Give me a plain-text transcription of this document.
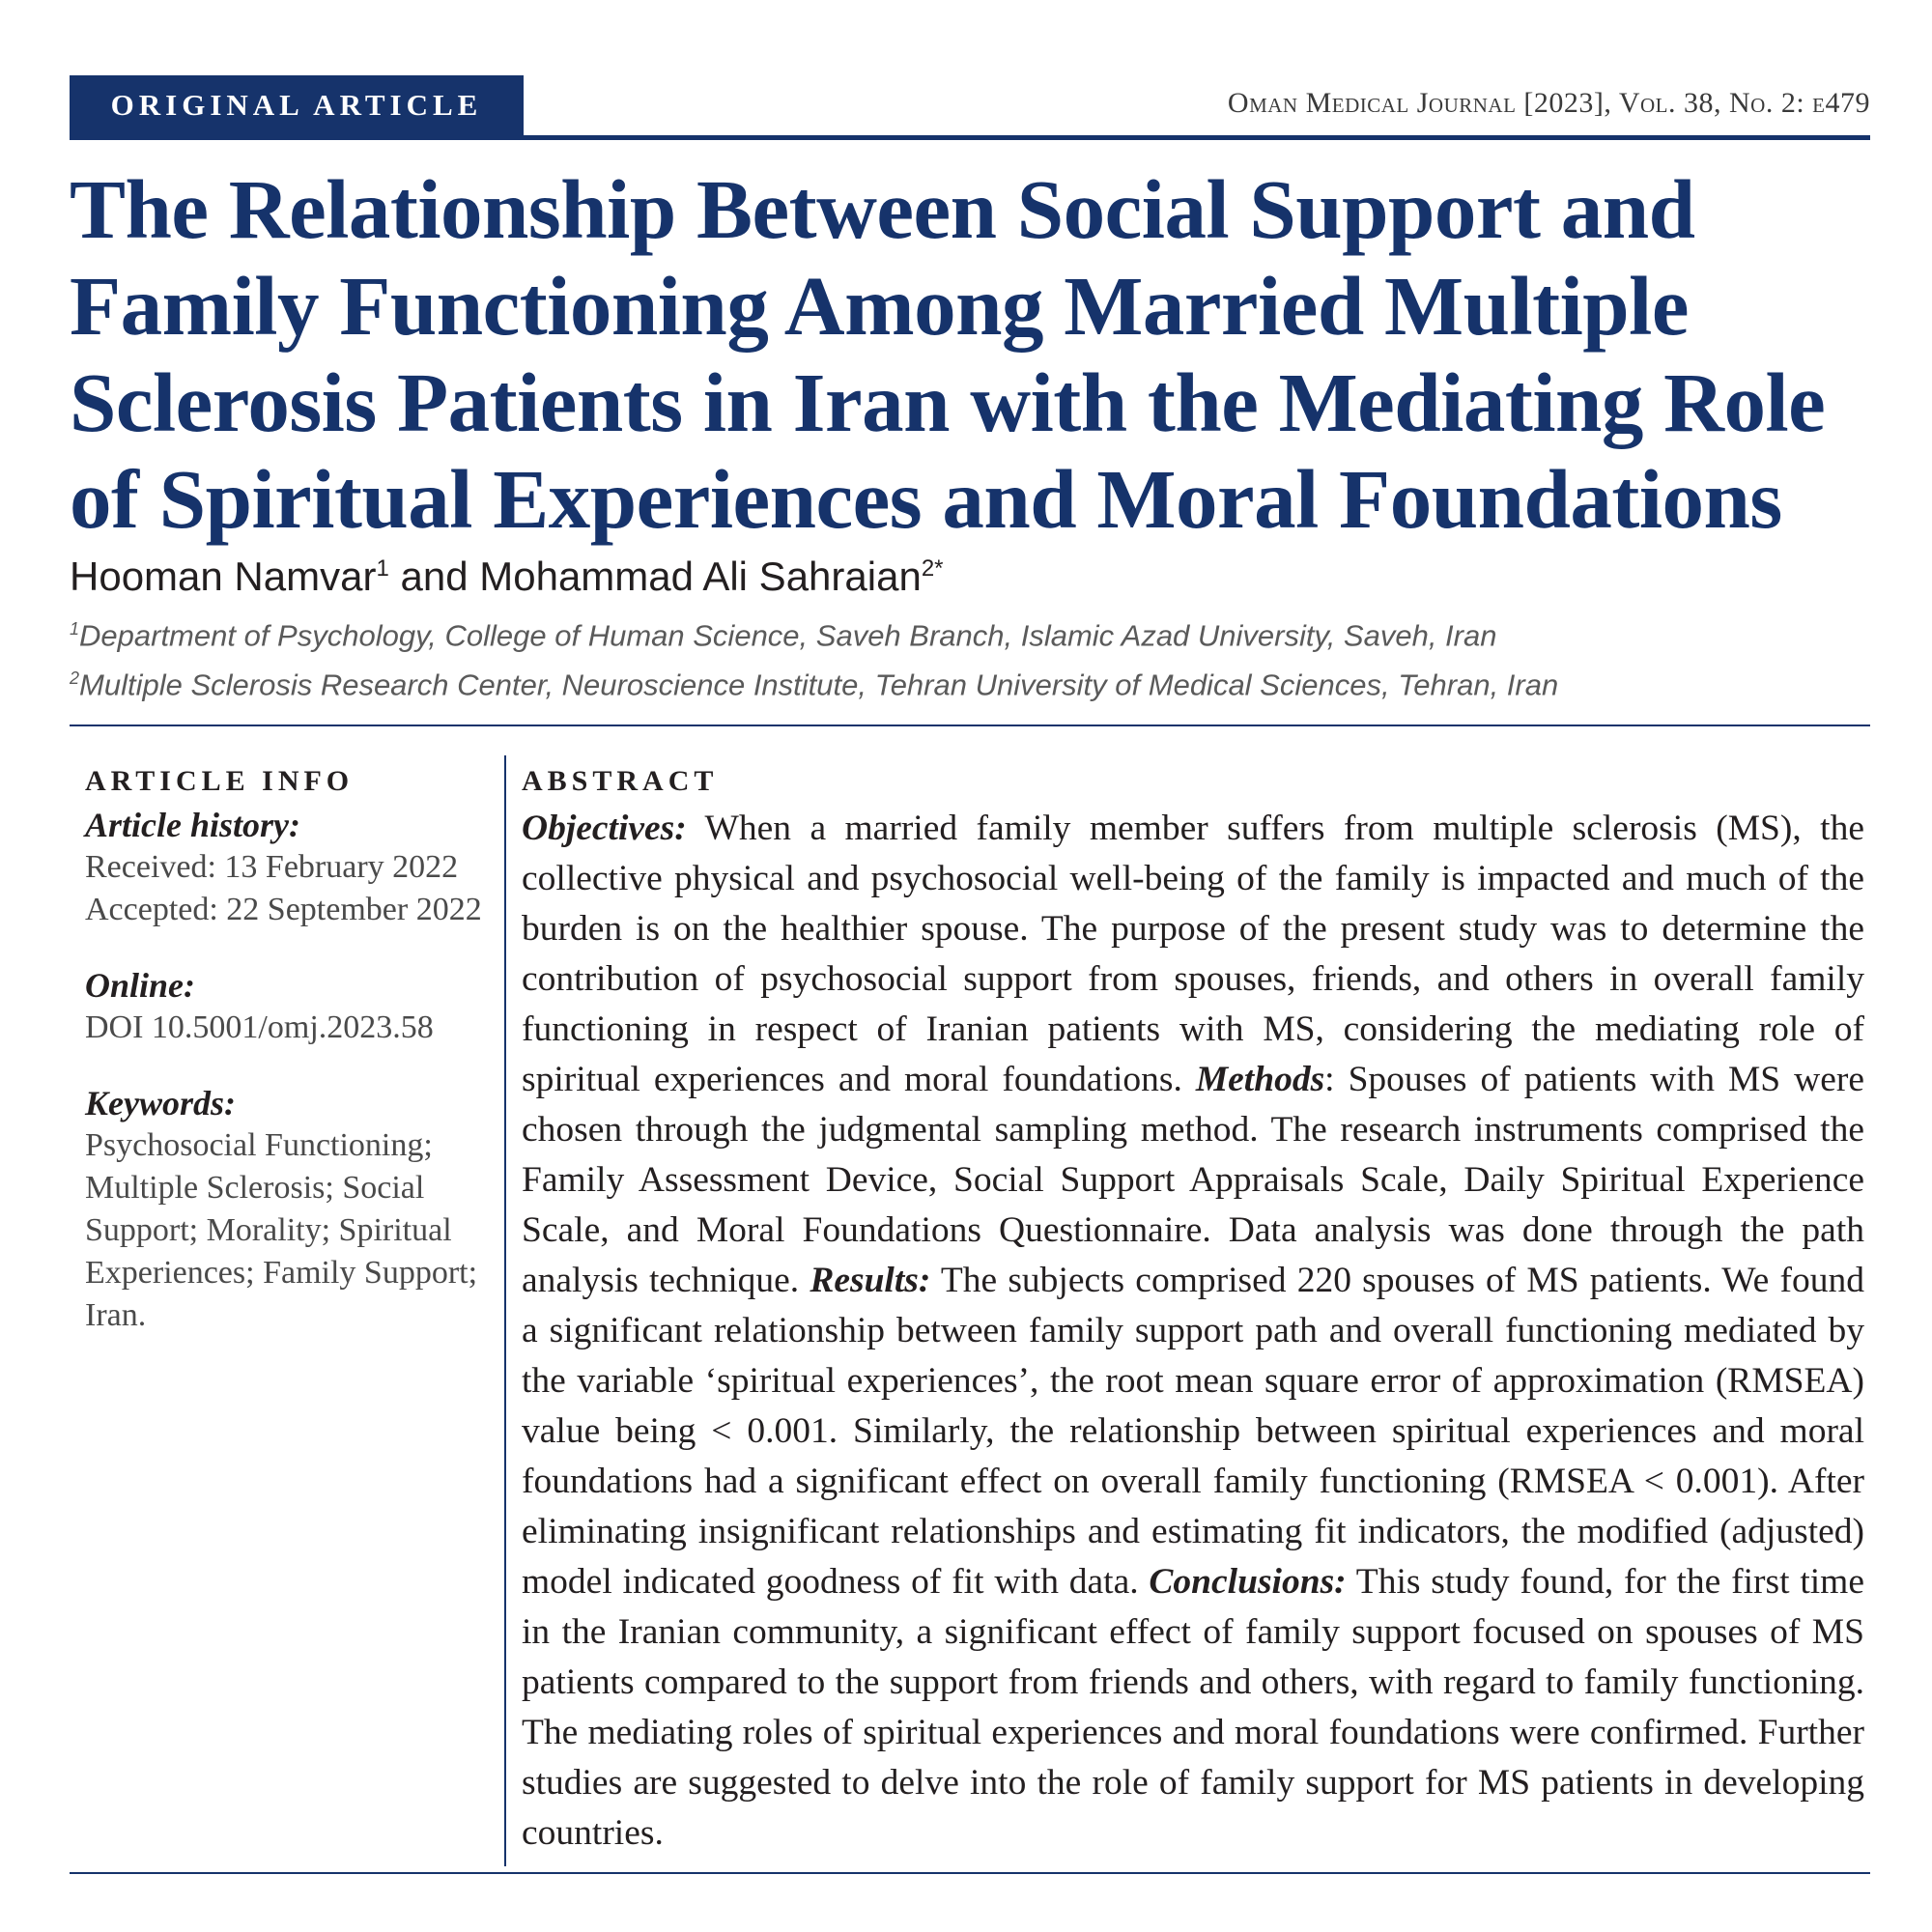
ORIGINAL ARTICLE	Oman Medical Journal [2023], Vol. 38, No. 2: e479
The Relationship Between Social Support and Family Functioning Among Married Multiple Sclerosis Patients in Iran with the Mediating Role of Spiritual Experiences and Moral Foundations
Hooman Namvar$^1$ and Mohammad Ali Sahraian$^{2*}$
$^1$Department of Psychology, College of Human Science, Saveh Branch, Islamic Azad University, Saveh, Iran
$^2$Multiple Sclerosis Research Center, Neuroscience Institute, Tehran University of Medical Sciences, Tehran, Iran
ARTICLE INFO
Article history:
Received: 13 February 2022
Accepted: 22 September 2022
Online:
DOI 10.5001/omj.2023.58
Keywords:
Psychosocial Functioning; Multiple Sclerosis; Social Support; Morality; Spiritual Experiences; Family Support; Iran.
ABSTRACT
Objectives: When a married family member suffers from multiple sclerosis (MS), the collective physical and psychosocial well-being of the family is impacted and much of the burden is on the healthier spouse. The purpose of the present study was to determine the contribution of psychosocial support from spouses, friends, and others in overall family functioning in respect of Iranian patients with MS, considering the mediating role of spiritual experiences and moral foundations. Methods: Spouses of patients with MS were chosen through the judgmental sampling method. The research instruments comprised the Family Assessment Device, Social Support Appraisals Scale, Daily Spiritual Experience Scale, and Moral Foundations Questionnaire. Data analysis was done through the path analysis technique. Results: The subjects comprised 220 spouses of MS patients. We found a significant relationship between family support path and overall functioning mediated by the variable ‘spiritual experiences’, the root mean square error of approximation (RMSEA) value being < 0.001. Similarly, the relationship between spiritual experiences and moral foundations had a significant effect on overall family functioning (RMSEA < 0.001). After eliminating insignificant relationships and estimating fit indicators, the modified (adjusted) model indicated goodness of fit with data. Conclusions: This study found, for the first time in the Iranian community, a significant effect of family support focused on spouses of MS patients compared to the support from friends and others, with regard to family functioning. The mediating roles of spiritual experiences and moral foundations were confirmed. Further studies are suggested to delve into the role of family support for MS patients in developing countries.
